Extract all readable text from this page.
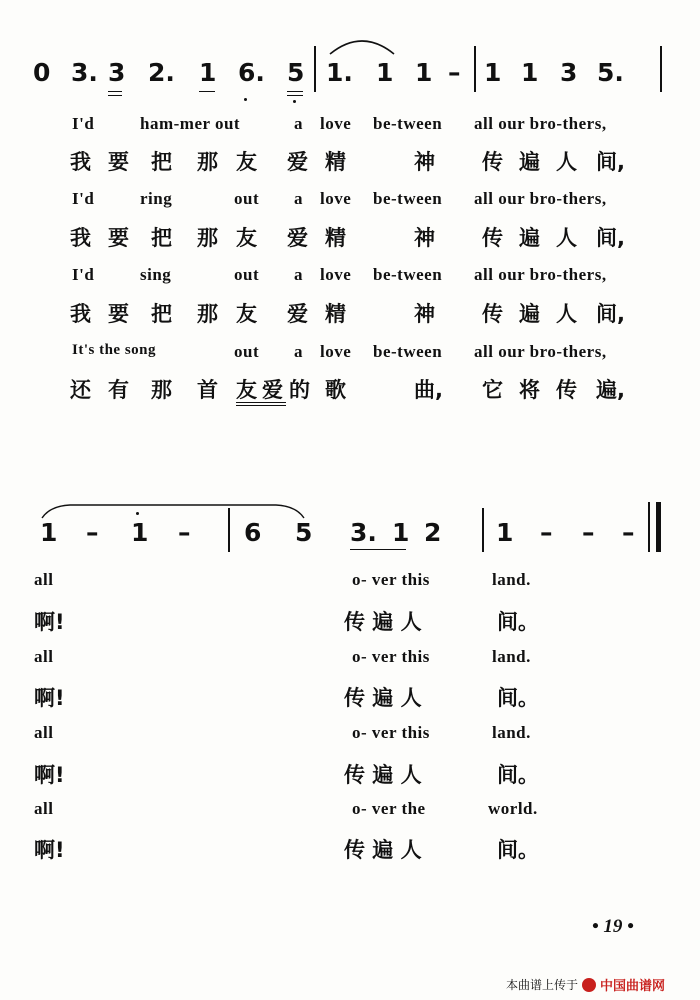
0 3. 3 2. 1 6. 5 1. 1 1 – 1 1 3 5.
I'd	ham-mer out	a love be-tween all our bro-thers,
我 要 把 那 友 爱 精	神 传 遍 人 间,
I'd	ring	out a love be-tween all our bro-thers,
我 要 把 那 友 爱 精	神 传 遍 人 间,
I'd	sing	out a love be-tween all our bro-thers,
我 要 把 那 友 爱 精	神 传 遍 人 间,
It's the song	out a love be-tween all our bro-thers,
还 有 那 首 友 爱 的 歌	曲, 它 将 传 遍,
1 – 1 – 6 5 3. 1 2 1 – – –
all	o- ver this	land.
啊!	传 遍 人	间。
all	o- ver this	land.
啊!	传 遍 人	间。
all	o- ver this	land.
啊!	传 遍 人	间。
all	o- ver the	world.
啊!	传 遍 人	间。
• 19 •
本曲谱上传于 中国曲谱网
